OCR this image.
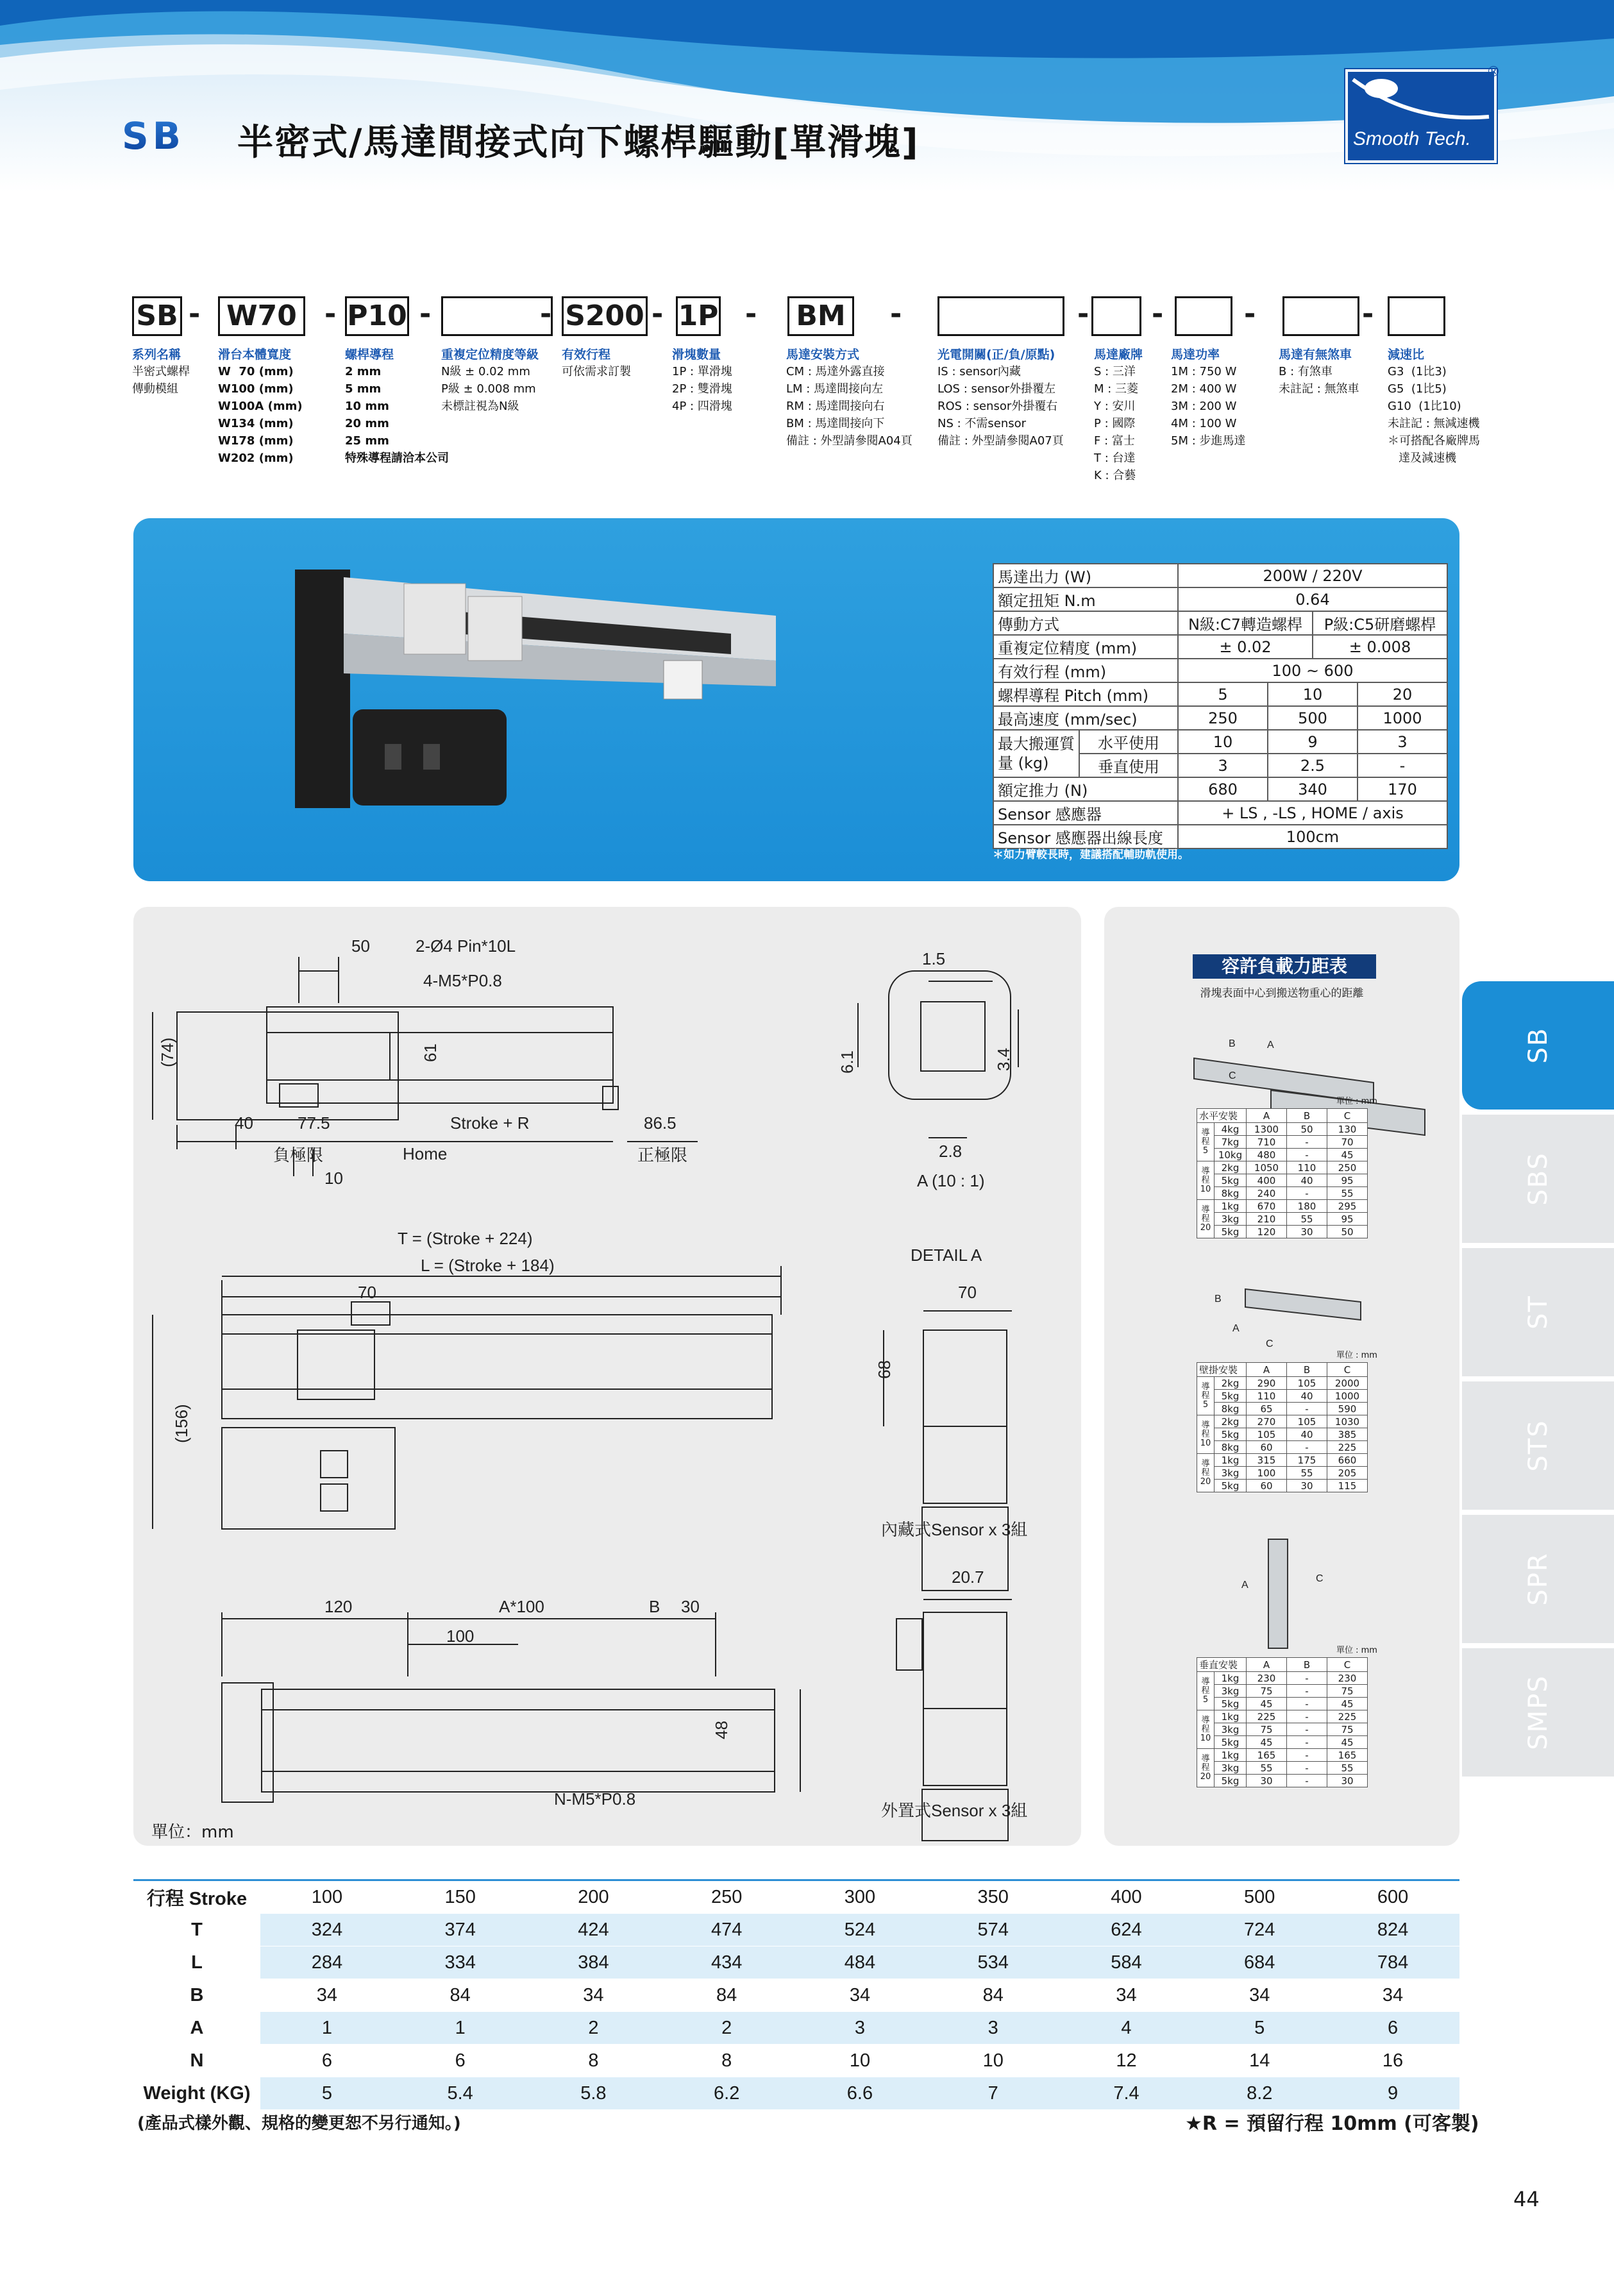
SB 半密式/馬達間接式向下螺桿驅動[單滑塊]	Smooth Tech.
®
SB W70 P10	S200 1P	BM
-	-	-	-	-	-	-	- -	-	-
系列名稱
半密式螺桿
傳動模組
滑台本體寬度
W  70 (mm)
W100 (mm)
W100A (mm)
W134 (mm)
W178 (mm)
W202 (mm)
螺桿導程
2 mm
5 mm
10 mm
20 mm
25 mm
特殊導程請洽本公司
重複定位精度等級
N級 ± 0.02 mm
P級 ± 0.008 mm
未標註視為N級
有效行程
可依需求訂製
滑塊數量
1P : 單滑塊
2P : 雙滑塊
4P : 四滑塊
馬達安裝方式
CM : 馬達外露直接
LM : 馬達間接向左
RM : 馬達間接向右
BM : 馬達間接向下
備註 : 外型請參閱A04頁
光電開關(正/負/原點)
IS : sensor內藏
LOS : sensor外掛覆左
ROS : sensor外掛覆右
NS : 不需sensor
備註 : 外型請參閱A07頁
馬達廠牌
S : 三洋
M : 三菱
Y : 安川
P : 國際
F : 富士
T : 台達
K : 合藝
馬達功率
1M : 750 W
2M : 400 W
3M : 200 W
4M : 100 W
5M : 步進馬達
馬達有無煞車
B : 有煞車
未註記 : 無煞車
減速比
G3  (1比3)
G5  (1比5)
G10  (1比10)
未註記 : 無減速機
＊可搭配各廠牌馬
達及減速機
馬達出力 (W)		200W / 220V			
額定扭矩 N.m		0.64			
傳動方式		N級:C7轉造螺桿		P級:C5研磨螺桿	
重複定位精度 (mm)		± 0.02		± 0.008	
有效行程 (mm)		100 ~ 600			
螺桿導程 Pitch (mm)		5	10		20
最高速度 (mm/sec)		250	500		1000
最大搬運質量 (kg)	水平使用	10	9		3
	垂直使用	3	2.5		-
額定推力 (N)		680	340		170
Sensor 感應器		+ LS , -LS , HOME / axis			
Sensor 感應器出線長度		100cm			
＊如力臂較長時，建議搭配輔助軌使用。
50	2-Ø4 Pin*10L
4-M5*P0.8
(74)	61
40	77.5	Stroke + R	86.5
負極限	Home	正極限
10
T = (Stroke + 224)
L = (Stroke + 184)
70
(156)
120	A*100	B 30
100
48
N-M5*P0.8
1.5
6.1	3.4
2.8
A (10 : 1)
DETAIL A
70
68
內藏式Sensor x 3組
20.7
外置式Sensor x 3組
單位：mm
容許負載力距表
滑塊表面中心到搬送物重心的距離
A
B
C
B
A
C
A
C
單位 : mm
水平安裝		A	B	C
導程5	4kg	1300	50	130
	7kg	710	-	70
	10kg	480	-	45
導程10	2kg	1050	110	250
	5kg	400	40	95
	8kg	240	-	55
導程20	1kg	670	180	295
	3kg	210	55	95
	5kg	120	30	50
單位 : mm
壁掛安裝		A	B	C
導程5	2kg	290	105	2000
	5kg	110	40	1000
	8kg	65	-	590
導程10	2kg	270	105	1030
	5kg	105	40	385
	8kg	60	-	225
導程20	1kg	315	175	660
	3kg	100	55	205
	5kg	60	30	115
單位 : mm
垂直安裝		A	B	C
導程5	1kg	230	-	230
	3kg	75	-	75
	5kg	45	-	45
導程10	1kg	225	-	225
	3kg	75	-	75
	5kg	45	-	45
導程20	1kg	165	-	165
	3kg	55	-	55
	5kg	30	-	30
SB
SBS
ST
STS
SPR
SMPS
行程 Stroke	100	150	200	250	300	350	400	500	600
T	324	374	424	474	524	574	624	724	824
L	284	334	384	434	484	534	584	684	784
B	34	84	34	84	34	84	34	34	34
A	1	1	2	2	3	3	4	5	6
N	6	6	8	8	10	10	12	14	16
Weight (KG)	5	5.4	5.8	6.2	6.6	7	7.4	8.2	9
(產品式樣外觀、規格的變更恕不另行通知。)	★R = 預留行程 10mm (可客製)
44
